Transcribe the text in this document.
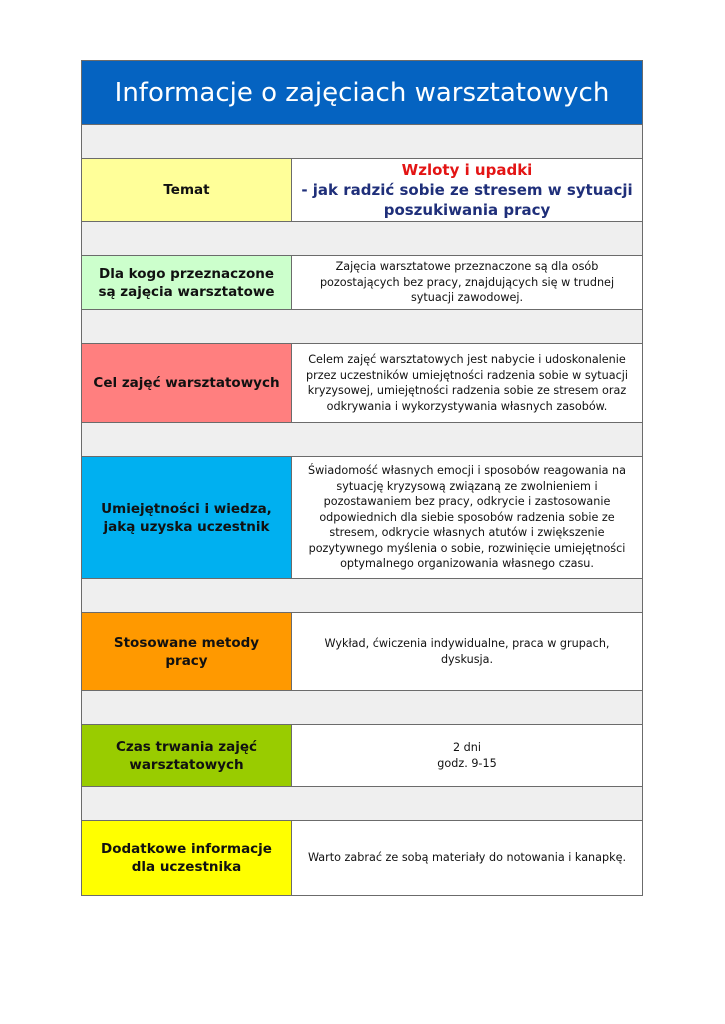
Informacje o zajęciach warsztatowych
Temat
Wzloty i upadki
- jak radzić sobie ze stresem w sytuacji
poszukiwania pracy
Dla kogo przeznaczone są zajęcia warsztatowe
Zajęcia warsztatowe przeznaczone są dla osób pozostających bez pracy, znajdujących się w trudnej sytuacji zawodowej.
Cel zajęć warsztatowych
Celem zajęć warsztatowych jest nabycie i udoskonalenie przez uczestników umiejętności radzenia sobie w sytuacji kryzysowej, umiejętności radzenia sobie ze stresem oraz odkrywania i wykorzystywania własnych zasobów.
Umiejętności i wiedza, jaką uzyska uczestnik
Świadomość własnych emocji i sposobów reagowania na sytuację kryzysową związaną ze zwolnieniem i pozostawaniem bez pracy, odkrycie i zastosowanie odpowiednich dla siebie sposobów radzenia sobie ze stresem, odkrycie własnych atutów i zwiększenie pozytywnego myślenia o sobie, rozwinięcie umiejętności optymalnego organizowania własnego czasu.
Stosowane metody pracy
Wykład, ćwiczenia indywidualne, praca w grupach, dyskusja.
Czas trwania zajęć warsztatowych
2 dni
godz. 9-15
Dodatkowe informacje dla uczestnika
Warto zabrać ze sobą materiały do notowania i kanapkę.
